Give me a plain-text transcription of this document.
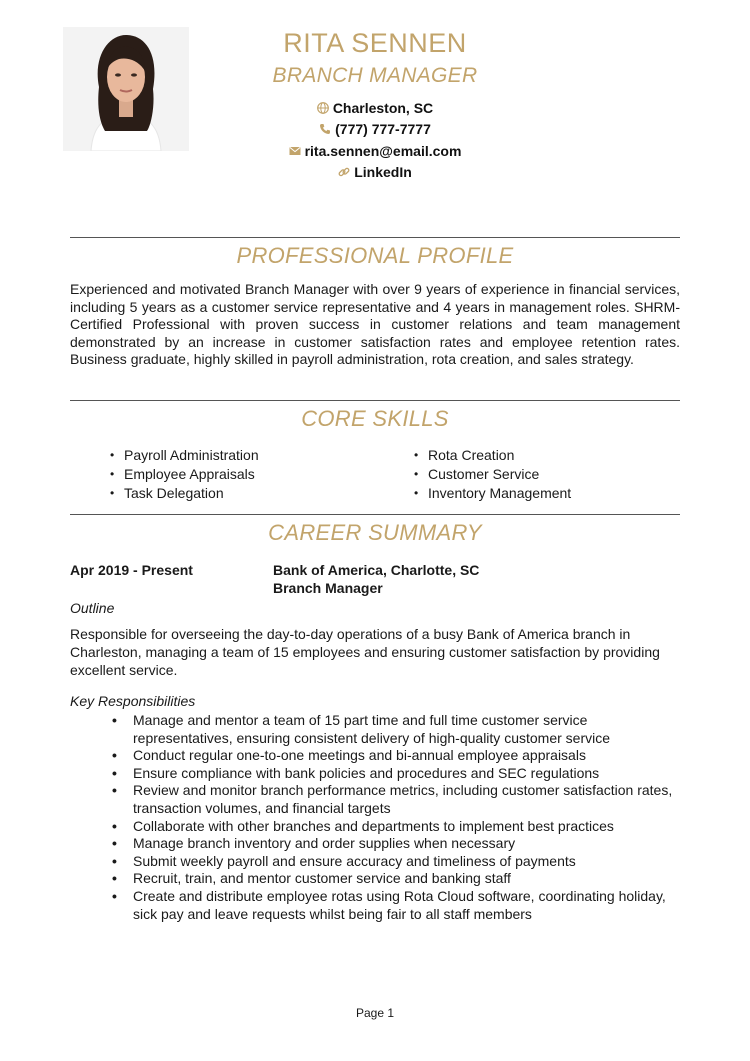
RITA SENNEN
BRANCH MANAGER
Charleston, SC
(777) 777-7777
rita.sennen@email.com
LinkedIn
PROFESSIONAL PROFILE

Experienced and motivated Branch Manager with over 9 years of experience in financial services, including 5 years as a customer service representative and 4 years in management roles. SHRM-Certified Professional with proven success in customer relations and team management demonstrated by an increase in customer satisfaction rates and employee retention rates. Business graduate, highly skilled in payroll administration, rota creation, and sales strategy.

CORE SKILLS
• Payroll Administration
• Employee Appraisals
• Task Delegation
• Rota Creation
• Customer Service
• Inventory Management
CAREER SUMMARY
Apr 2019 - Present	Bank of America, Charlotte, SC
Branch Manager
Outline

Responsible for overseeing the day-to-day operations of a busy Bank of America branch in Charleston, managing a team of 15 employees and ensuring customer satisfaction by providing excellent service.

Key Responsibilities
• Manage and mentor a team of 15 part time and full time customer service representatives, ensuring consistent delivery of high-quality customer service
• Conduct regular one-to-one meetings and bi-annual employee appraisals
• Ensure compliance with bank policies and procedures and SEC regulations
• Review and monitor branch performance metrics, including customer satisfaction rates, transaction volumes, and financial targets
• Collaborate with other branches and departments to implement best practices
• Manage branch inventory and order supplies when necessary
• Submit weekly payroll and ensure accuracy and timeliness of payments
• Recruit, train, and mentor customer service and banking staff
• Create and distribute employee rotas using Rota Cloud software, coordinating holiday, sick pay and leave requests whilst being fair to all staff members
Page 1
